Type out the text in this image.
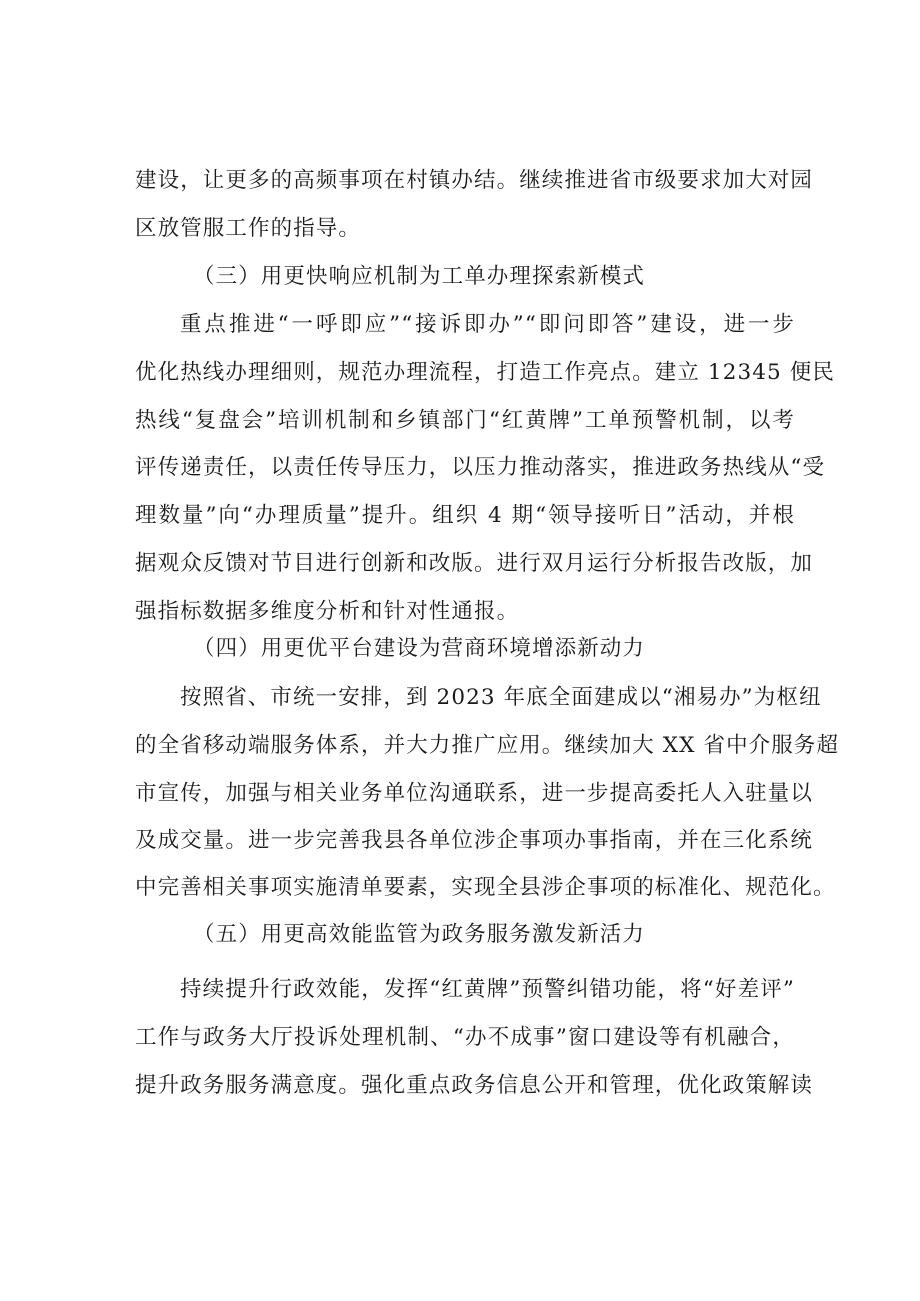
建设，让更多的高频事项在村镇办结。继续推进省市级要求加大对园
区放管服工作的指导。
（三）用更快响应机制为工单办理探索新模式
重点推进“一呼即应”“接诉即办”“即问即答”建设，进一步
优化热线办理细则，规范办理流程，打造工作亮点。建立 12345 便民
热线“复盘会”培训机制和乡镇部门“红黄牌”工单预警机制，以考
评传递责任，以责任传导压力，以压力推动落实，推进政务热线从“受
理数量”向“办理质量”提升。组织 4 期“领导接听日”活动，并根
据观众反馈对节目进行创新和改版。进行双月运行分析报告改版，加
强指标数据多维度分析和针对性通报。
（四）用更优平台建设为营商环境增添新动力
按照省、市统一安排，到 2023 年底全面建成以“湘易办”为枢纽
的全省移动端服务体系，并大力推广应用。继续加大 XX 省中介服务超
市宣传，加强与相关业务单位沟通联系，进一步提高委托人入驻量以
及成交量。进一步完善我县各单位涉企事项办事指南，并在三化系统
中完善相关事项实施清单要素，实现全县涉企事项的标准化、规范化。
（五）用更高效能监管为政务服务激发新活力
持续提升行政效能，发挥“红黄牌”预警纠错功能，将“好差评”
工作与政务大厅投诉处理机制、“办不成事”窗口建设等有机融合，
提升政务服务满意度。强化重点政务信息公开和管理，优化政策解读
